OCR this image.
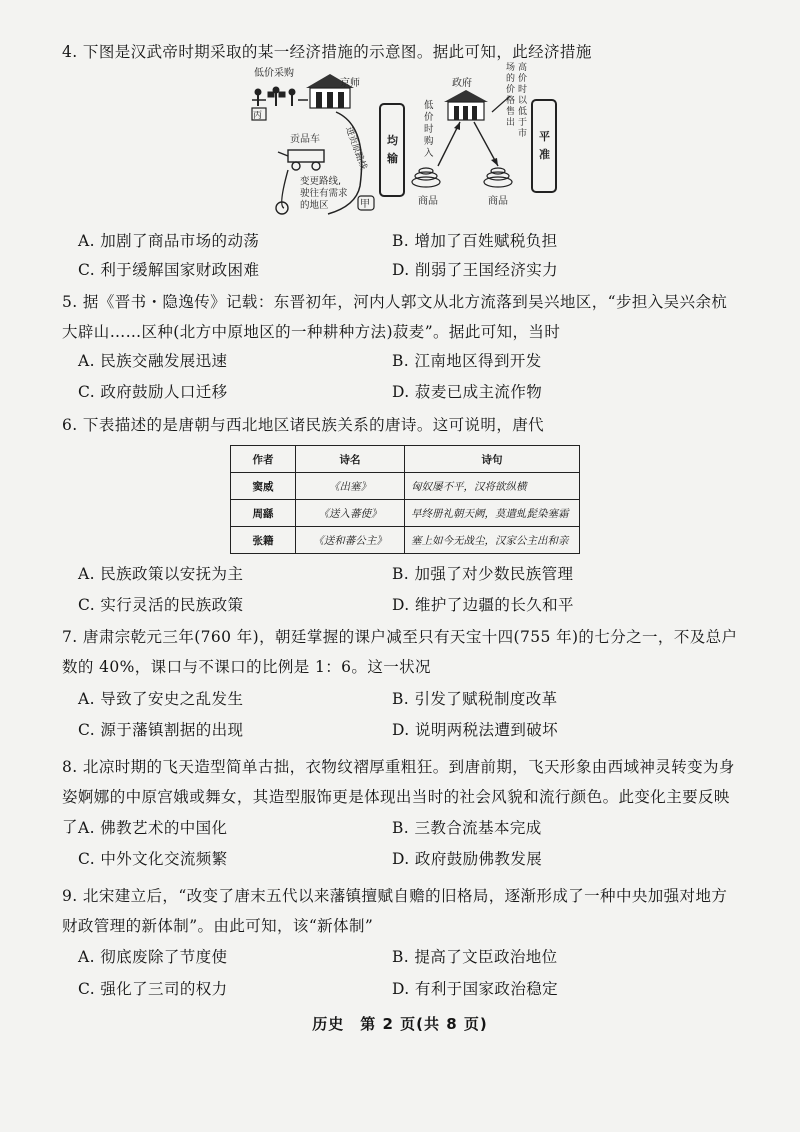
4. 下图是汉武帝时期采取的某一经济措施的示意图。据此可知，此经济措施
低价采购
丙
京师
进贡原路线
贡品车
变更路线,
驶往有需求
的地区	甲
均
输
政府
低
价
时
购
入
场
的
价
格
售
出
高
价
时
以
低
于
市
商品	商品
平
准
A. 加剧了商品市场的动荡	B. 增加了百姓赋税负担
C. 利于缓解国家财政困难	D. 削弱了王国经济实力
5. 据《晋书・隐逸传》记载：东晋初年，河内人郭文从北方流落到吴兴地区，“步担入吴兴余杭大辟山……区种(北方中原地区的一种耕种方法)菽麦”。据此可知，当时
A. 民族交融发展迅速	B. 江南地区得到开发
C. 政府鼓励人口迁移	D. 菽麦已成主流作物
6. 下表描述的是唐朝与西北地区诸民族关系的唐诗。这可说明，唐代
作者	诗名	诗句
窦威	《出塞》	匈奴屡不平，汉将欲纵横
周繇	《送入蕃使》	早终册礼朝天阙，莫遣虬髭染塞霜
张籍	《送和蕃公主》	塞上如今无战尘，汉家公主出和亲
A. 民族政策以安抚为主	B. 加强了对少数民族管理
C. 实行灵活的民族政策	D. 维护了边疆的长久和平
7. 唐肃宗乾元三年(760 年)，朝廷掌握的课户减至只有天宝十四(755 年)的七分之一，不及总户数的 40%，课口与不课口的比例是 1：6。这一状况
A. 导致了安史之乱发生	B. 引发了赋税制度改革
C. 源于藩镇割据的出现	D. 说明两税法遭到破坏
8. 北凉时期的飞天造型简单古拙，衣物纹褶厚重粗狂。到唐前期，飞天形象由西域神灵转变为身姿婀娜的中原宫娥或舞女，其造型服饰更是体现出当时的社会风貌和流行颜色。此变化主要反映了 A. 佛教艺术的中国化	B. 三教合流基本完成
C. 中外文化交流频繁	D. 政府鼓励佛教发展
9. 北宋建立后，“改变了唐末五代以来藩镇擅赋自赡的旧格局，逐渐形成了一种中央加强对地方财政管理的新体制”。由此可知，该“新体制”
A. 彻底废除了节度使	B. 提高了文臣政治地位
C. 强化了三司的权力	D. 有利于国家政治稳定
历史　第 2 页(共 8 页)
